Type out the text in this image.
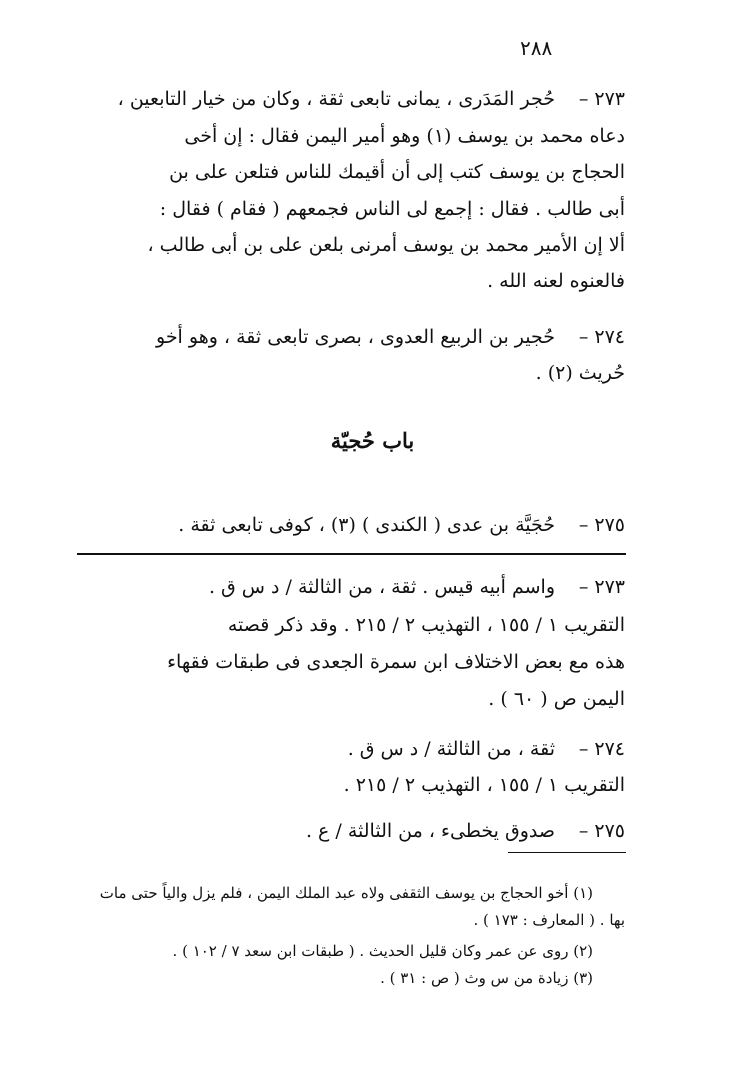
٢٨٨
٢٧٣ –
حُجر المَدَرى ، يمانى تابعى ثقة ، وكان من خيار التابعين ،
دعاه محمد بن يوسف (١) وهو أمير اليمن فقال : إن أخى
الحجاج بن يوسف كتب إلى أن أقيمك للناس فتلعن على بن
أبى طالب . فقال : إجمع لى الناس فجمعهم ( فقام ) فقال :
ألا إن الأمير محمد بن يوسف أمرنى بلعن على بن أبى طالب ،
فالعنوه لعنه الله .
٢٧٤ –
حُجير بن الربيع العدوى ، بصرى تابعى ثقة ، وهو أخو
حُريث (٢) .
باب حُجيّة
٢٧٥ –
حُجَيَّة بن عدى ( الكندى ) (٣) ، كوفى تابعى ثقة .
٢٧٣ –
واسم أبيه قيس . ثقة ، من الثالثة / د س ق .
التقريب ١ / ١٥٥ ، التهذيب ٢ / ٢١٥ . وقد ذكر قصته
هذه مع بعض الاختلاف ابن سمرة الجعدى فى طبقات فقهاء
اليمن ص ( ٦٠ ) .
٢٧٤ –
ثقة ، من الثالثة / د س ق .
التقريب ١ / ١٥٥ ، التهذيب ٢ / ٢١٥ .
٢٧٥ –
صدوق يخطىء ، من الثالثة / ع .
(١) أخو الحجاج بن يوسف الثقفى ولاه عبد الملك اليمن ، فلم يزل والياً حتى مات
بها . ( المعارف : ١٧٣ ) .
(٢) روى عن عمر وكان قليل الحديث . ( طبقات ابن سعد ٧ / ١٠٢ ) .
(٣) زيادة من س وث ( ص : ٣١ ) .
